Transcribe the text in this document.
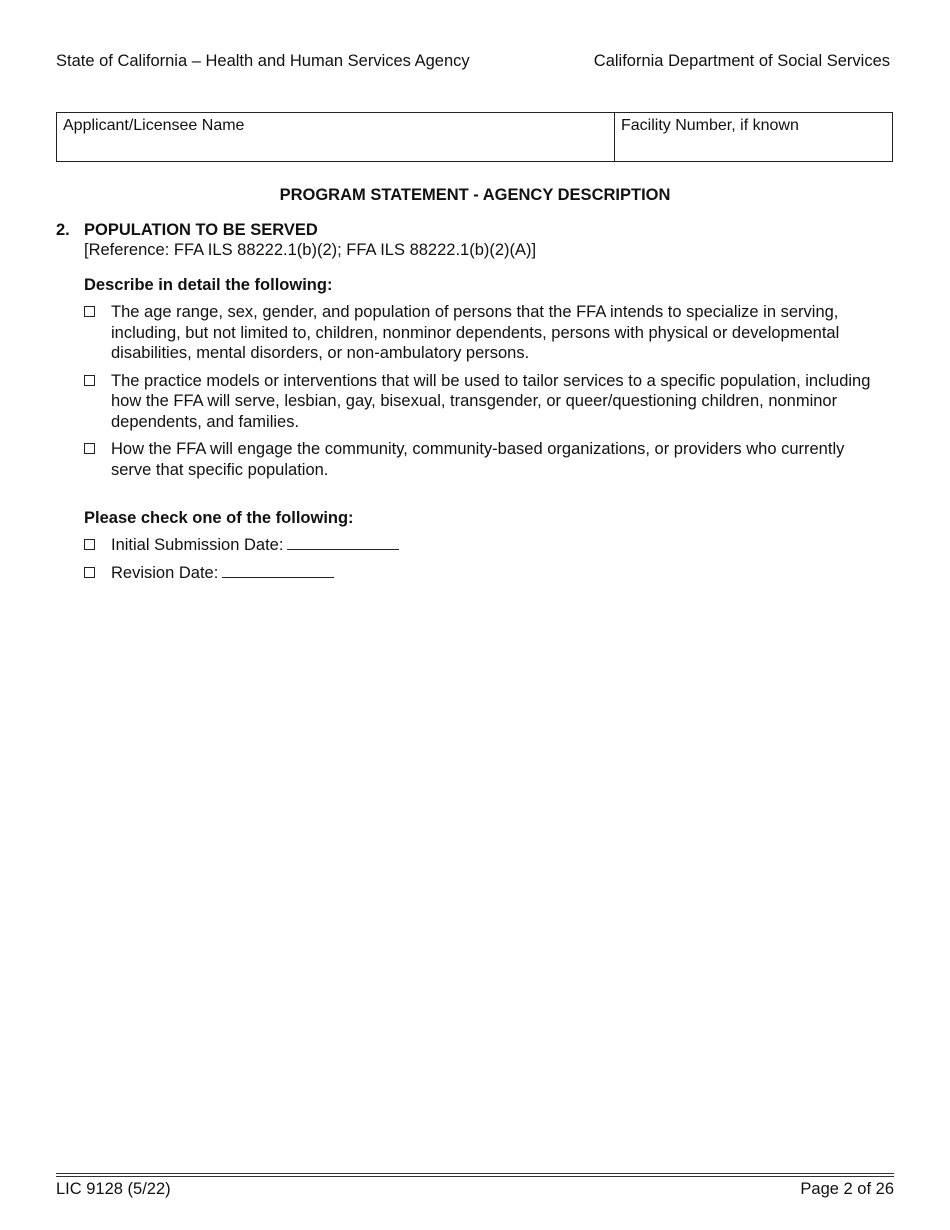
State of California – Health and Human Services Agency	California Department of Social Services
Applicant/Licensee Name	Facility Number, if known
PROGRAM STATEMENT - AGENCY DESCRIPTION
2. POPULATION TO BE SERVED
[Reference: FFA ILS 88222.1(b)(2); FFA ILS 88222.1(b)(2)(A)]
Describe in detail the following:
The age range, sex, gender, and population of persons that the FFA intends to specialize in serving, including, but not limited to, children, nonminor dependents, persons with physical or developmental disabilities, mental disorders, or non-ambulatory persons.
The practice models or interventions that will be used to tailor services to a specific population, including how the FFA will serve, lesbian, gay, bisexual, transgender, or queer/questioning children, nonminor dependents, and families.
How the FFA will engage the community, community-based organizations, or providers who currently serve that specific population.
Please check one of the following:
Initial Submission Date:
Revision Date:
LIC 9128 (5/22)	Page 2 of 26
